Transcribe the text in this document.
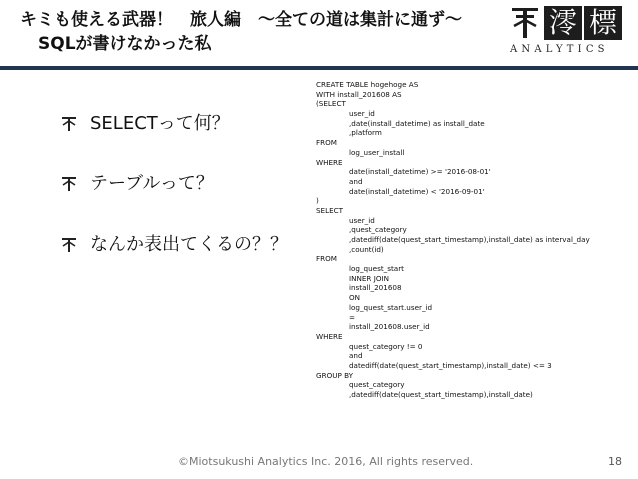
キミも使える武器！　旅人編　～全ての道は集計に通ず～
SQLが書けなかった私
澪 標
ANALYTICS
SELECTって何？
テーブルって？
なんか表出てくるの？？
CREATE TABLE hogehoge AS
WITH install_201608 AS
(SELECT
user_id
,date(install_datetime) as install_date
,platform
FROM
log_user_install
WHERE
date(install_datetime) >= '2016-08-01'
and
date(install_datetime) < '2016-09-01'
)
SELECT
user_id
,quest_category
,datediff(date(quest_start_timestamp),install_date) as interval_day
,count(id)
FROM
log_quest_start
INNER JOIN
install_201608
ON
log_quest_start.user_id
=
install_201608.user_id
WHERE
quest_category != 0
and
datediff(date(quest_start_timestamp),install_date) <= 3
GROUP BY
quest_category
,datediff(date(quest_start_timestamp),install_date)
©Miotsukushi Analytics Inc. 2016, All rights reserved.	18
